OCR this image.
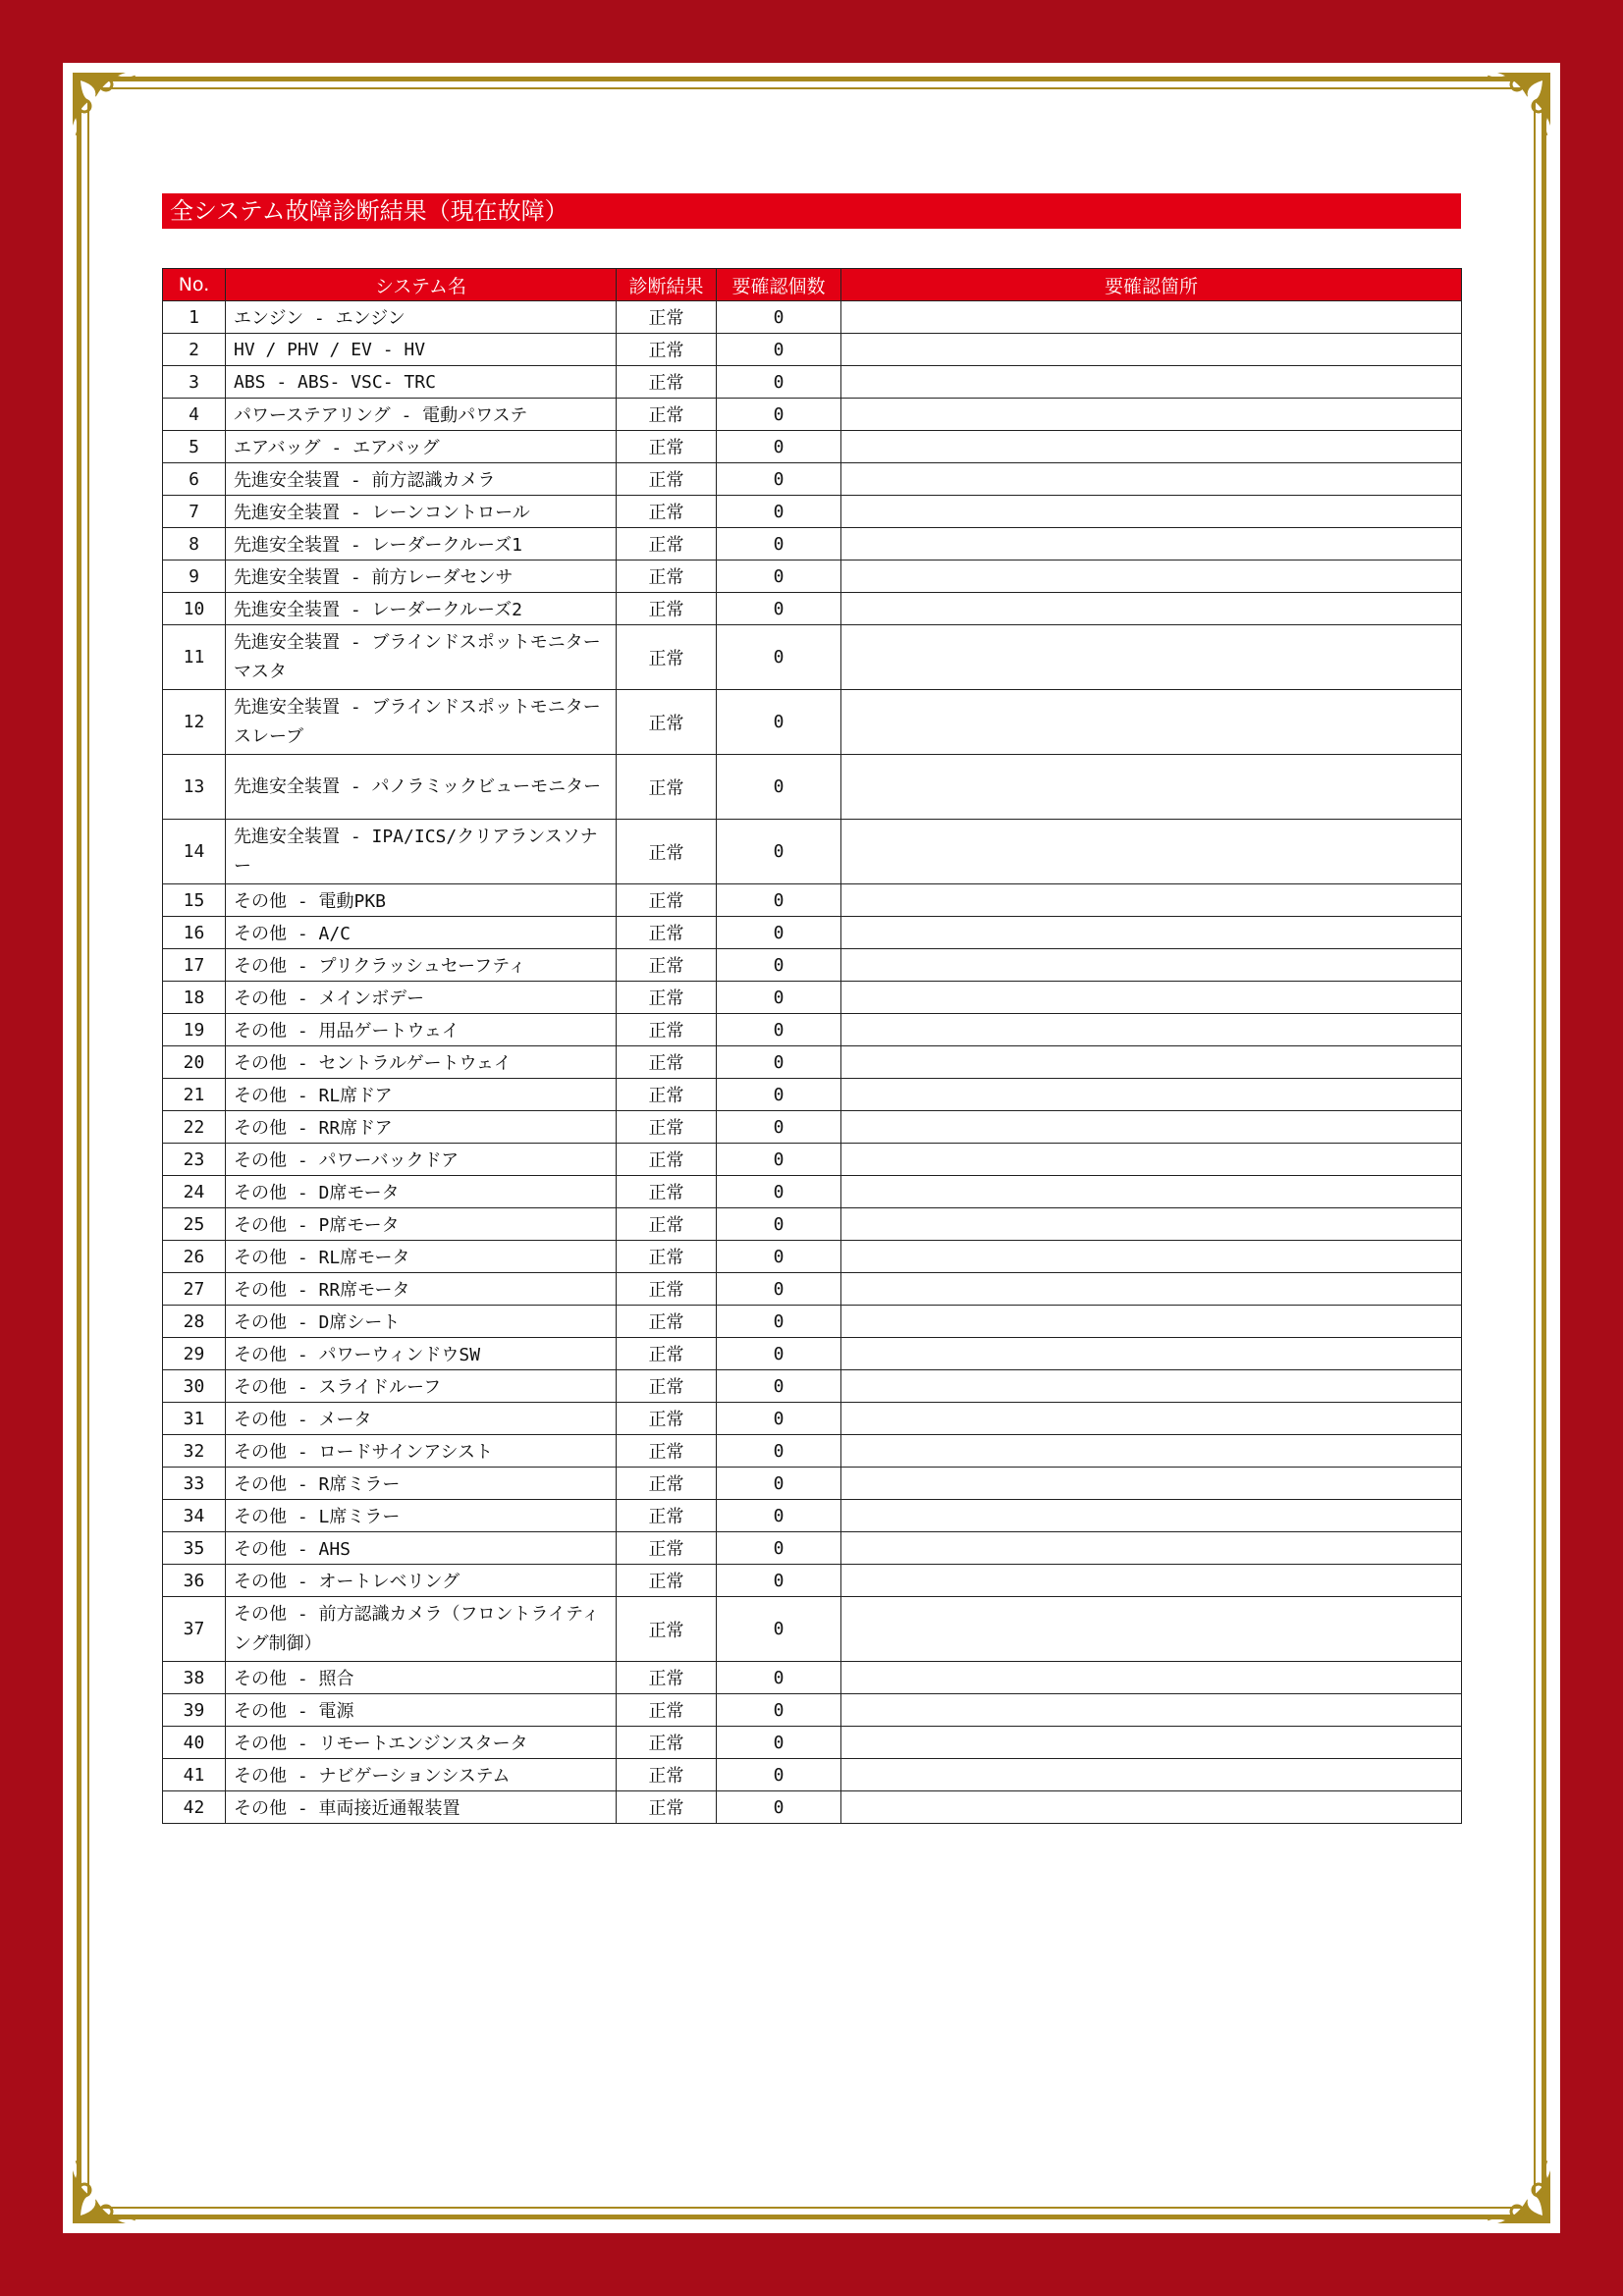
全システム故障診断結果（現在故障）
No.	システム名	診断結果	要確認個数	要確認箇所
1	エンジン - エンジン	正常	0	
2	HV / PHV / EV - HV	正常	0	
3	ABS - ABS- VSC- TRC	正常	0	
4	パワーステアリング - 電動パワステ	正常	0	
5	エアバッグ - エアバッグ	正常	0	
6	先進安全装置 - 前方認識カメラ	正常	0	
7	先進安全装置 - レーンコントロール	正常	0	
8	先進安全装置 - レーダークルーズ1	正常	0	
9	先進安全装置 - 前方レーダセンサ	正常	0	
10	先進安全装置 - レーダークルーズ2	正常	0	
11	先進安全装置 - ブラインドスポットモニター マスタ	正常	0	
12	先進安全装置 - ブラインドスポットモニター スレーブ	正常	0	
13	先進安全装置 - パノラミックビューモニター	正常	0	
14	先進安全装置 - IPA/ICS/クリアランスソナー	正常	0	
15	その他 - 電動PKB	正常	0	
16	その他 - A/C	正常	0	
17	その他 - プリクラッシュセーフティ	正常	0	
18	その他 - メインボデー	正常	0	
19	その他 - 用品ゲートウェイ	正常	0	
20	その他 - セントラルゲートウェイ	正常	0	
21	その他 - RL席ドア	正常	0	
22	その他 - RR席ドア	正常	0	
23	その他 - パワーバックドア	正常	0	
24	その他 - D席モータ	正常	0	
25	その他 - P席モータ	正常	0	
26	その他 - RL席モータ	正常	0	
27	その他 - RR席モータ	正常	0	
28	その他 - D席シート	正常	0	
29	その他 - パワーウィンドウSW	正常	0	
30	その他 - スライドルーフ	正常	0	
31	その他 - メータ	正常	0	
32	その他 - ロードサインアシスト	正常	0	
33	その他 - R席ミラー	正常	0	
34	その他 - L席ミラー	正常	0	
35	その他 - AHS	正常	0	
36	その他 - オートレベリング	正常	0	
37	その他 - 前方認識カメラ（フロントライティング制御）	正常	0	
38	その他 - 照合	正常	0	
39	その他 - 電源	正常	0	
40	その他 - リモートエンジンスタータ	正常	0	
41	その他 - ナビゲーションシステム	正常	0	
42	その他 - 車両接近通報装置	正常	0	
